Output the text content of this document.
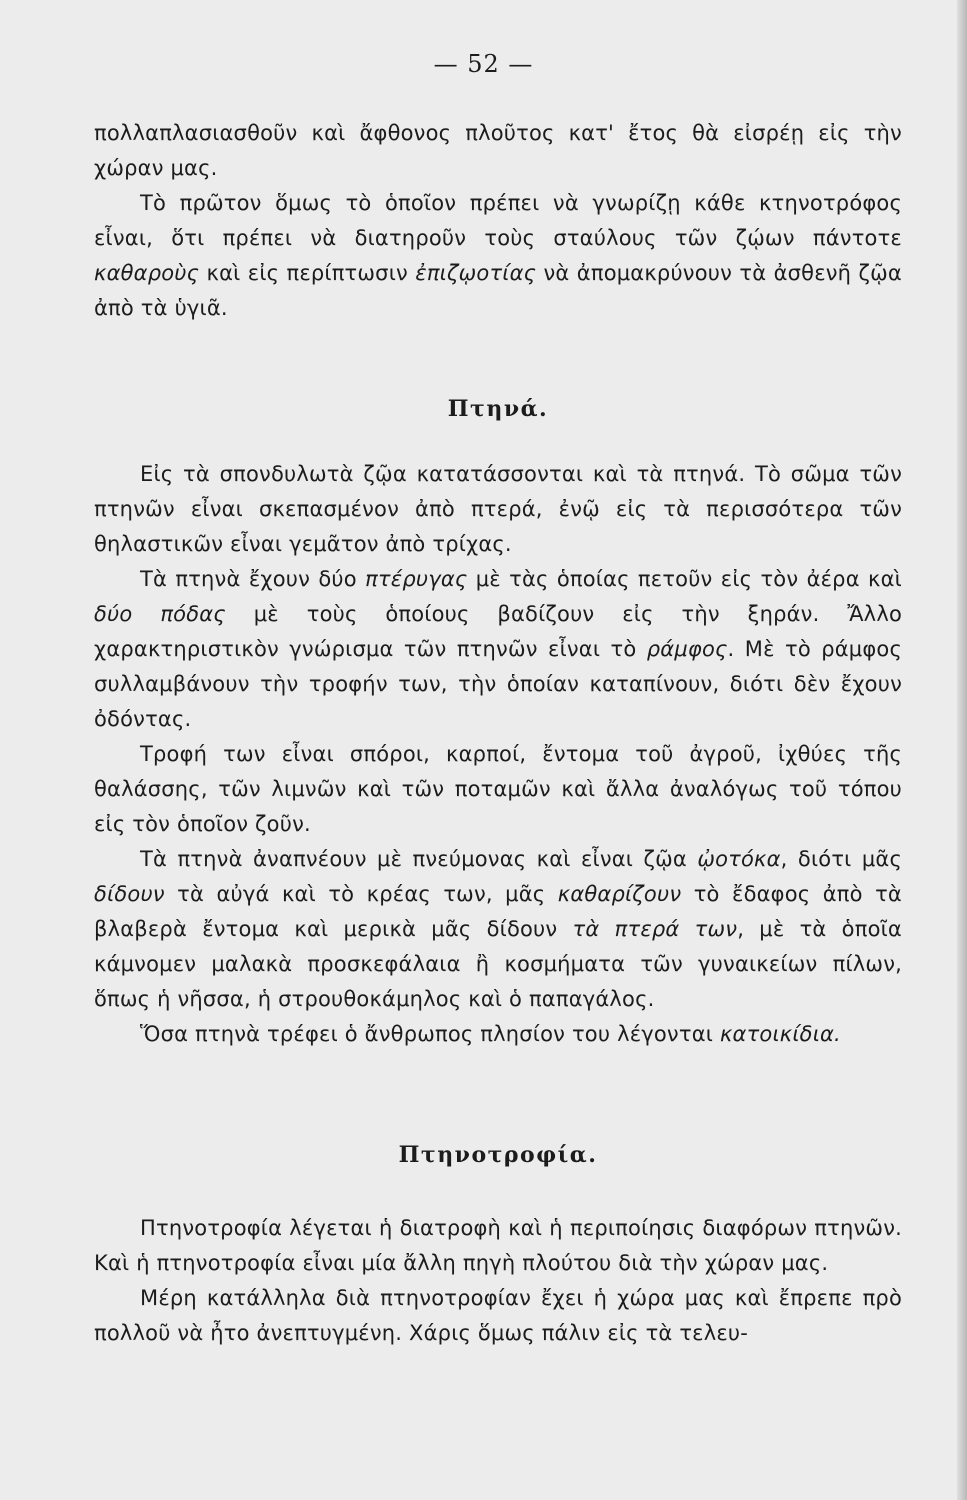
— 52 —

πολλαπλασιασθοῦν καὶ ἄφθονος πλοῦτος κατ' ἔτος θὰ εἰσρέῃ εἰς τὴν χώραν μας.

Τὸ πρῶτον ὅμως τὸ ὁποῖον πρέπει νὰ γνωρίζῃ κάθε κτηνοτρόφος εἶναι, ὅτι πρέπει νὰ διατηροῦν τοὺς σταύλους τῶν ζῴων πάντοτε καθαροὺς καὶ εἰς περίπτωσιν ἐπιζῳοτίας νὰ ἀπομακρύνουν τὰ ἀσθενῆ ζῷα ἀπὸ τὰ ὑγιᾶ.

Πτηνά.

Εἰς τὰ σπονδυλωτὰ ζῷα κατατάσσονται καὶ τὰ πτηνά. Τὸ σῶμα τῶν πτηνῶν εἶναι σκεπασμένον ἀπὸ πτερά, ἐνῷ εἰς τὰ περισσότερα τῶν θηλαστικῶν εἶναι γεμᾶτον ἀπὸ τρίχας.

Τὰ πτηνὰ ἔχουν δύο πτέρυγας μὲ τὰς ὁποίας πετοῦν εἰς τὸν ἀέρα καὶ δύο πόδας μὲ τοὺς ὁποίους βαδίζουν εἰς τὴν ξηράν. Ἄλλο χαρακτηριστικὸν γνώρισμα τῶν πτηνῶν εἶναι τὸ ράμφος. Μὲ τὸ ράμφος συλλαμβάνουν τὴν τροφήν των, τὴν ὁποίαν καταπίνουν, διότι δὲν ἔχουν ὀδόντας.

Τροφή των εἶναι σπόροι, καρποί, ἔντομα τοῦ ἀγροῦ, ἰχθύες τῆς θαλάσσης, τῶν λιμνῶν καὶ τῶν ποταμῶν καὶ ἄλλα ἀναλόγως τοῦ τόπου εἰς τὸν ὁποῖον ζοῦν.

Τὰ πτηνὰ ἀναπνέουν μὲ πνεύμονας καὶ εἶναι ζῷα ᾠοτόκα, διότι μᾶς δίδουν τὰ αὐγά καὶ τὸ κρέας των, μᾶς καθαρίζουν τὸ ἔδαφος ἀπὸ τὰ βλαβερὰ ἔντομα καὶ μερικὰ μᾶς δίδουν τὰ πτερά των, μὲ τὰ ὁποῖα κάμνομεν μαλακὰ προσκεφάλαια ἢ κοσμήματα τῶν γυναικείων πίλων, ὅπως ἡ νῆσσα, ἡ στρουθοκάμηλος καὶ ὁ παπαγάλος.

Ὅσα πτηνὰ τρέφει ὁ ἄνθρωπος πλησίον του λέγονται κατοικίδια.

Πτηνοτροφία.

Πτηνοτροφία λέγεται ἡ διατροφὴ καὶ ἡ περιποίησις διαφόρων πτηνῶν. Καὶ ἡ πτηνοτροφία εἶναι μία ἄλλη πηγὴ πλούτου διὰ τὴν χώραν μας.

Μέρη κατάλληλα διὰ πτηνοτροφίαν ἔχει ἡ χώρα μας καὶ ἔπρεπε πρὸ πολλοῦ νὰ ἦτο ἀνεπτυγμένη. Χάρις ὅμως πάλιν εἰς τὰ τελευ-
